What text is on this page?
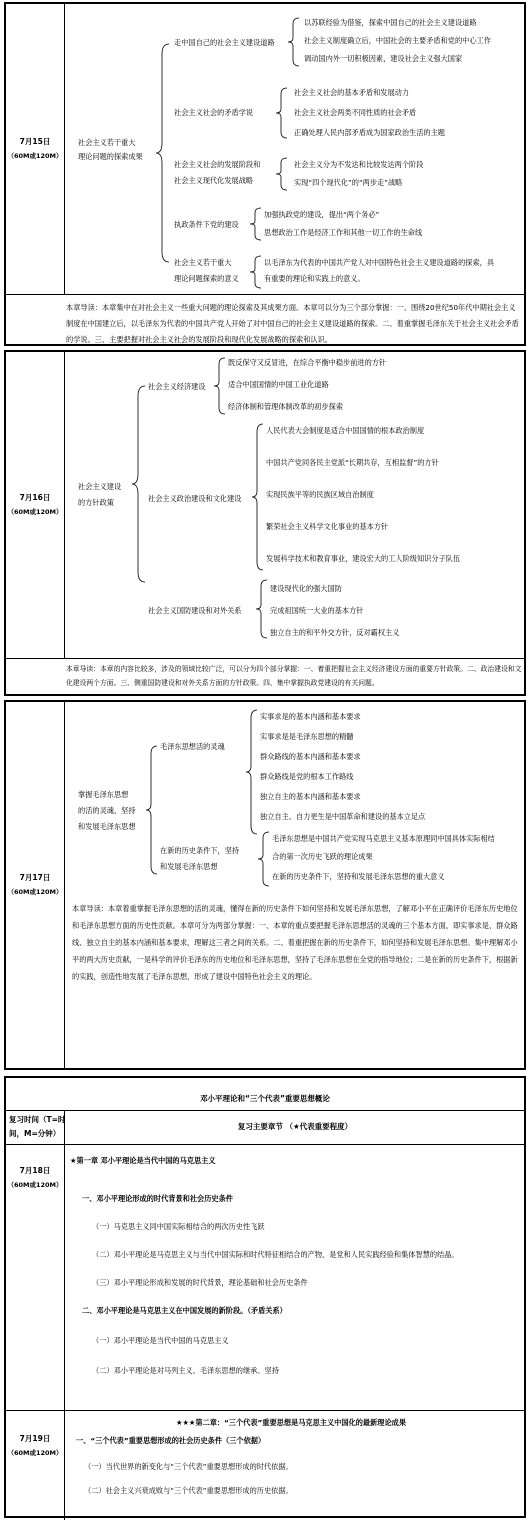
7月15日
（60M或120M）
社会主义若干重大
理论问题的探索成果
走中国自己的社会主义建设道路
以苏联经验为借鉴，探索中国自己的社会主义建设道路
社会主义制度确立后，中国社会的主要矛盾和党的中心工作
调动国内外一切积极因素，建设社会主义强大国家
社会主义社会的矛盾学说
社会主义社会的基本矛盾和发展动力
社会主义社会两类不同性质的社会矛盾
正确处理人民内部矛盾成为国家政治生活的主题
社会主义社会的发展阶段和
社会主义现代化发展战略
社会主义分为不发达和比较发达两个阶段
实现“四个现代化”的“两步走”战略
执政条件下党的建设
加强执政党的建设，提出“两个务必”
思想政治工作是经济工作和其他一切工作的生命线
社会主义若干重大
理论问题探索的意义
以毛泽东为代表的中国共产党人对中国特色社会主义建设道路的探索，具
有重要的理论和实践上的意义。
本章导读：本章集中在对社会主义一些重大问题的理论探索及其成果方面。本章可以分为三个部分掌握：一、围绕20世纪50年代中期社会主义制度在中国建立后，以毛泽东为代表的中国共产党人开始了对中国自己的社会主义建设道路的探索。二、着重掌握毛泽东关于社会主义社会矛盾的学说。三、主要把握对社会主义社会的发展阶段和现代化发展战略的探索和认识。
7月16日
（60M或120M）
社会主义建设
的方针政策
社会主义经济建设
既反保守又反冒进，在综合平衡中稳步前进的方针
适合中国国情的中国工业化道路
经济体制和管理体制改革的初步探索
社会主义政治建设和文化建设
人民代表大会制度是适合中国国情的根本政治制度
中国共产党同各民主党派“长期共存，互相监督”的方针
实现民族平等的民族区域自治制度
繁荣社会主义科学文化事业的基本方针
发展科学技术和教育事业，建设宏大的工人阶级知识分子队伍
社会主义国防建设和对外关系
建设现代化的强大国防
完成祖国统一大业的基本方针
独立自主的和平外交方针，反对霸权主义
本章导读：本章的内容比较多，涉及的领域比较广泛，可以分为四个部分掌握：一、着重把握社会主义经济建设方面的重要方针政策。二、政治建设和文化建设两个方面。三、侧重国防建设和对外关系方面的方针政策。四、集中掌握执政党建设的有关问题。
7月17日
（60M或120M）
掌握毛泽东思想
的活的灵魂，坚持
和发展毛泽东思想
毛泽东思想活的灵魂
实事求是的基本内涵和基本要求
实事求是是毛泽东思想的精髓
群众路线的基本内涵和基本要求
群众路线是党的根本工作路线
独立自主的基本内涵和基本要求
独立自主、自力更生是中国革命和建设的基本立足点
在新的历史条件下，坚持
和发展毛泽东思想
毛泽东思想是中国共产党实现马克思主义基本原理同中国具体实际相结
合的第一次历史飞跃的理论成果
在新的历史条件下，坚持和发展毛泽东思想的重大意义
本章导读：本章着重掌握毛泽东思想的活的灵魂，懂得在新的历史条件下如何坚持和发展毛泽东思想，了解邓小平在正确评价毛泽东历史地位和毛泽东思想方面的历史性贡献。本章可分为两部分掌握：一、本章的重点要把握毛泽东思想活的灵魂的三个基本方面，即实事求是、群众路线、独立自主的基本内涵和基本要求，理解这三者之间的关系。二、着重把握在新的历史条件下，如何坚持和发展毛泽东思想。集中理解邓小平的两大历史贡献，一是科学的评价毛泽东的历史地位和毛泽东思想，坚持了毛泽东思想在全党的指导地位；二是在新的历史条件下，根据新的实践，创造性地发展了毛泽东思想，形成了建设中国特色社会主义的理论。
邓小平理论和“三个代表”重要思想概论
复习时间（T=时
间，M=分钟）
复习主要章节 （★代表重要程度）
7月18日
（60M或120M）
★第一章 邓小平理论是当代中国的马克思主义
一、邓小平理论形成的时代背景和社会历史条件
（一）马克思主义同中国实际相结合的两次历史性飞跃
（二）邓小平理论是马克思主义与当代中国实际和时代特征相结合的产物，是党和人民实践经验和集体智慧的结晶。
（三）邓小平理论形成和发展的时代背景，理论基础和社会历史条件
二、邓小平理论是马克思主义在中国发展的新阶段。（矛盾关系）
（一）邓小平理论是当代中国的马克思主义
（二）邓小平理论是对马列主义、毛泽东思想的继承、坚持
7月19日
（60M或120M）
★★★第二章：“三个代表”重要思想是马克思主义中国化的最新理论成果
一、“三个代表”重要思想形成的社会历史条件（三个依据）
（一）当代世界的新变化与“三个代表”重要思想形成的时代依据。
（二）社会主义兴衰成败与“三个代表”重要思想形成的历史依据。
